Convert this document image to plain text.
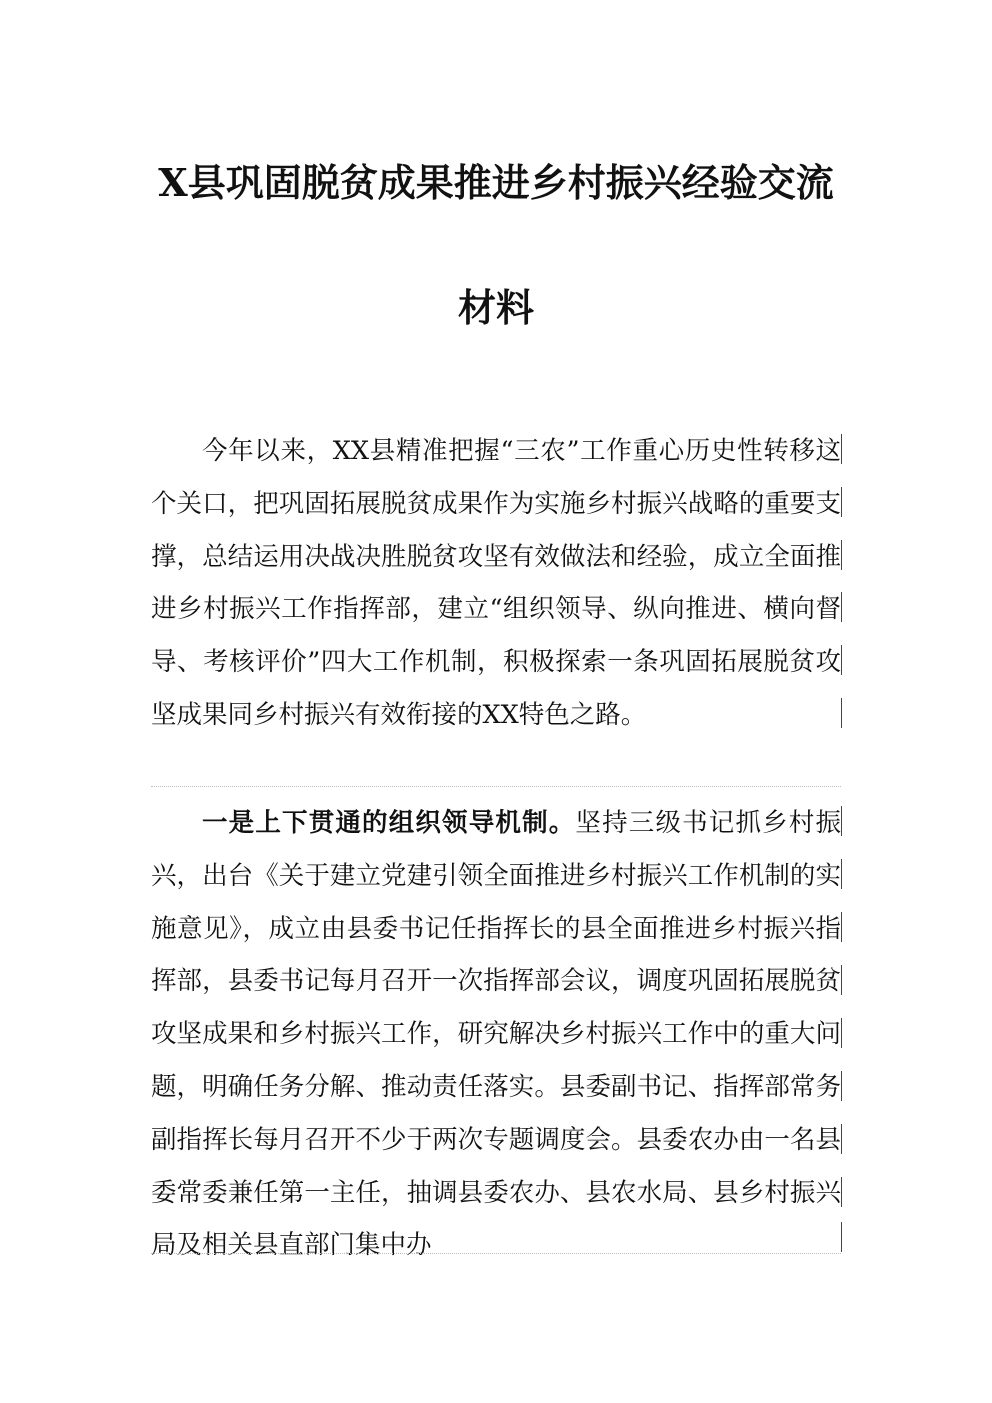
X县巩固脱贫成果推进乡村振兴经验交流
材料

今年以来，XX县精准把握“三农”工作重心历史性转移这个关口，把巩固拓展脱贫成果作为实施乡村振兴战略的重要支撑，总结运用决战决胜脱贫攻坚有效做法和经验，成立全面推进乡村振兴工作指挥部，建立“组织领导、纵向推进、横向督导、考核评价”四大工作机制，积极探索一条巩固拓展脱贫攻坚成果同乡村振兴有效衔接的XX特色之路。

一是上下贯通的组织领导机制。坚持三级书记抓乡村振兴，出台《关于建立党建引领全面推进乡村振兴工作机制的实施意见》，成立由县委书记任指挥长的县全面推进乡村振兴指挥部，县委书记每月召开一次指挥部会议，调度巩固拓展脱贫攻坚成果和乡村振兴工作，研究解决乡村振兴工作中的重大问题，明确任务分解、推动责任落实。县委副书记、指挥部常务副指挥长每月召开不少于两次专题调度会。县委农办由一名县委常委兼任第一主任，抽调县委农办、县农水局、县乡村振兴局及相关县直部门集中办
